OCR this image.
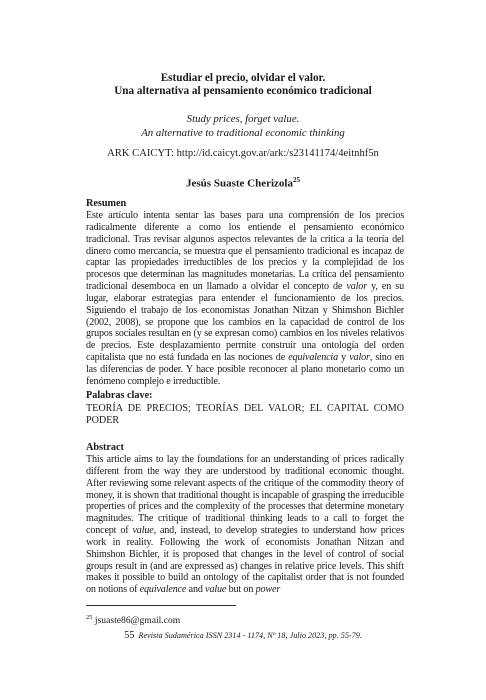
Estudiar el precio, olvidar el valor.
Una alternativa al pensamiento económico tradicional
Study prices, forget value.
An alternative to traditional economic thinking
ARK CAICYT: http://id.caicyt.gov.ar/ark:/s23141174/4eitnhf5n
Jesús Suaste Cherizola$^{25}$
Resumen
Este artículo intenta sentar las bases para una comprensión de los precios radicalmente diferente a como los entiende el pensamiento económico tradicional. Tras revisar algunos aspectos relevantes de la crítica a la teoría del dinero como mercancía, se muestra que el pensamiento tradicional es incapaz de captar las propiedades irreductibles de los precios y la complejidad de los procesos que determinan las magnitudes monetarias. La crítica del pensamiento tradicional desemboca en un llamado a olvidar el concepto de valor y, en su lugar, elaborar estrategias para entender el funcionamiento de los precios. Siguiendo el trabajo de los economistas Jonathan Nitzan y Shimshon Bichler (2002, 2008), se propone que los cambios en la capacidad de control de los grupos sociales resultan en (y se expresan como) cambios en los niveles relativos de precios. Este desplazamiento permite construir una ontología del orden capitalista que no está fundada en las nociones de equivalencia y valor, sino en las diferencias de poder. Y hace posible reconocer al plano monetario como un fenómeno complejo e irreductible.
Palabras clave:
TEORÍA DE PRECIOS; TEORÍAS DEL VALOR; EL CAPITAL COMO PODER
Abstract
This article aims to lay the foundations for an understanding of prices radically different from the way they are understood by traditional economic thought. After reviewing some relevant aspects of the critique of the commodity theory of money, it is shown that traditional thought is incapable of grasping the irreducible properties of prices and the complexity of the processes that determine monetary magnitudes. The critique of traditional thinking leads to a call to forget the concept of value, and, instead, to develop strategies to understand how prices work in reality. Following the work of economists Jonathan Nitzan and Shimshon Bichler, it is proposed that changes in the level of control of social groups result in (and are expressed as) changes in relative price levels. This shift makes it possible to build an ontology of the capitalist order that is not founded on notions of equivalence and value but on power
$^{25}$ jsuaste86@gmail.com
55 Revista Sudamérica ISSN 2314 - 1174, Nº 18, Julio 2023, pp. 55-79.
